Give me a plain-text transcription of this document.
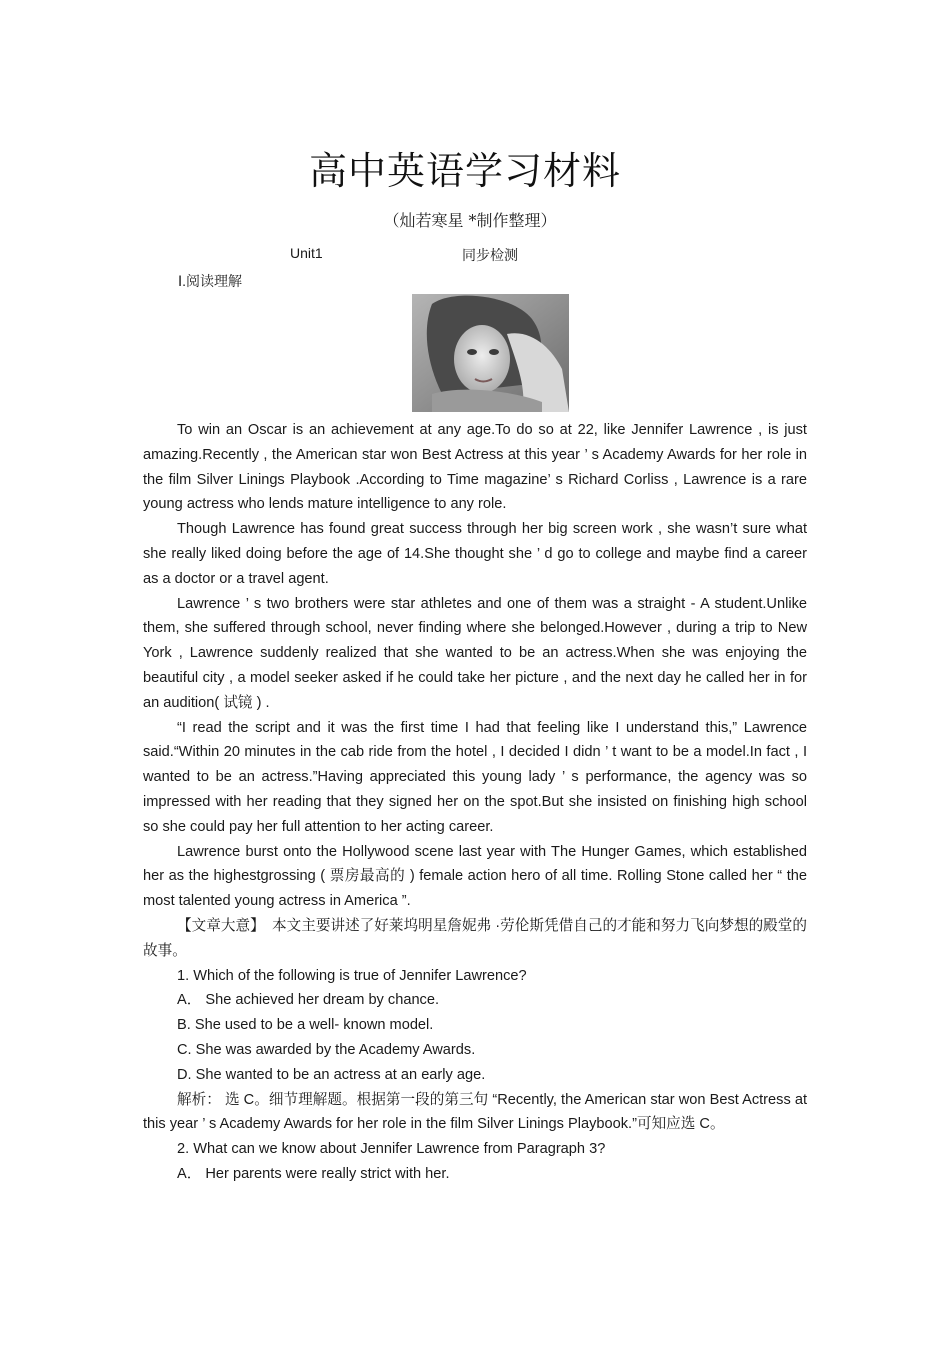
高中英语学习材料
（灿若寒星 *制作整理）
Unit1	同步检测
Ⅰ.阅读理解

To win an Oscar is an achievement at any age.To do so at 22, like Jennifer Lawrence , is just amazing.Recently , the American star won Best Actress at this year ’ s Academy Awards for her role in the film Silver Linings Playbook .According to Time magazine’ s Richard Corliss , Lawrence is a rare young actress who lends mature intelligence to any role.

Though Lawrence has found great success through her big screen work , she wasn’t sure what she really liked doing before the age of 14.She thought she ’ d go to college and maybe find a career as a doctor or a travel agent.

Lawrence ’ s two brothers were star athletes and one of them was a straight - A student.Unlike them, she suffered through school, never finding where she belonged.However , during a trip to New York , Lawrence suddenly realized that she wanted to be an actress.When she was enjoying the beautiful city , a model seeker asked if he could take her picture , and the next day he called her in for an audition( 试镜 ) .

“I read the script and it was the first time I had that feeling like I understand this,” Lawrence said.“Within 20 minutes in the cab ride from the hotel , I decided I didn ’ t want to be a model.In fact , I wanted to be an actress.”Having appreciated this young lady ’ s performance, the agency was so impressed with her reading that they signed her on the spot.But she insisted on finishing high school so she could pay her full attention to her acting career.

Lawrence burst onto the Hollywood scene last year with The Hunger Games, which established her as the highestgrossing ( 票房最高的 ) female action hero of all time. Rolling Stone called her “ the most talented young actress in America ”.

【文章大意】　 本文主要讲述了好莱坞明星詹妮弗 ·劳伦斯凭借自己的才能和努力飞向梦想的殿堂的故事。

1. Which of the following is true of Jennifer Lawrence?

A． She achieved her dream by chance.

B. She used to be a well- known model.

C. She was awarded by the Academy Awards.

D. She wanted to be an actress at an early age.

解析： 选 C。细节理解题。根据第一段的第三句 “Recently, the American star won Best Actress at this year ’ s Academy Awards for her role in the film Silver Linings Playbook.”可知应选 C。

2. What can we know about Jennifer Lawrence from Paragraph 3?

A． Her parents were really strict with her.
